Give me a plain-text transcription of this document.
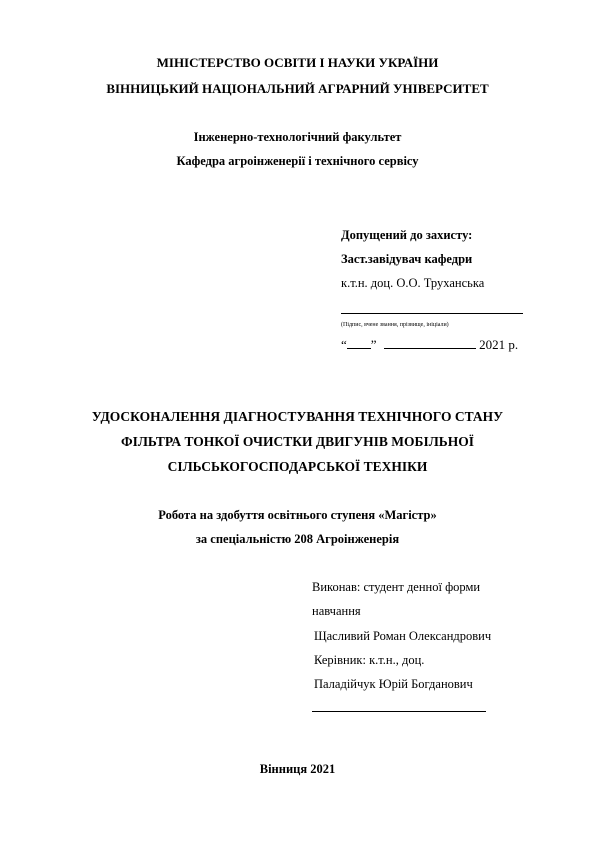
МІНІСТЕРСТВО ОСВІТИ І НАУКИ УКРАЇНИ
ВІННИЦЬКИЙ НАЦІОНАЛЬНИЙ АГРАРНИЙ УНІВЕРСИТЕТ
Інженерно-технологічний факультет
Кафедра агроінженерії і технічного сервісу
Допущений до захисту:
Заст.завідувач кафедри
к.т.н. доц. О.О. Труханська
(Підпис, вчене звання, прізвище, ініціали)
“ ”	2021 р.
УДОСКОНАЛЕННЯ ДІАГНОСТУВАННЯ ТЕХНІЧНОГО СТАНУ
ФІЛЬТРА ТОНКОЇ ОЧИСТКИ ДВИГУНІВ МОБІЛЬНОЇ
СІЛЬСЬКОГОСПОДАРСЬКОЇ ТЕХНІКИ
Робота на здобуття освітнього ступеня «Магістр»
за спеціальністю 208 Агроінженерія
Виконав: студент денної форми
навчання
Щасливий Роман Олександрович
Керівник: к.т.н., доц.
Паладійчук Юрій Богданович
Вінниця 2021
